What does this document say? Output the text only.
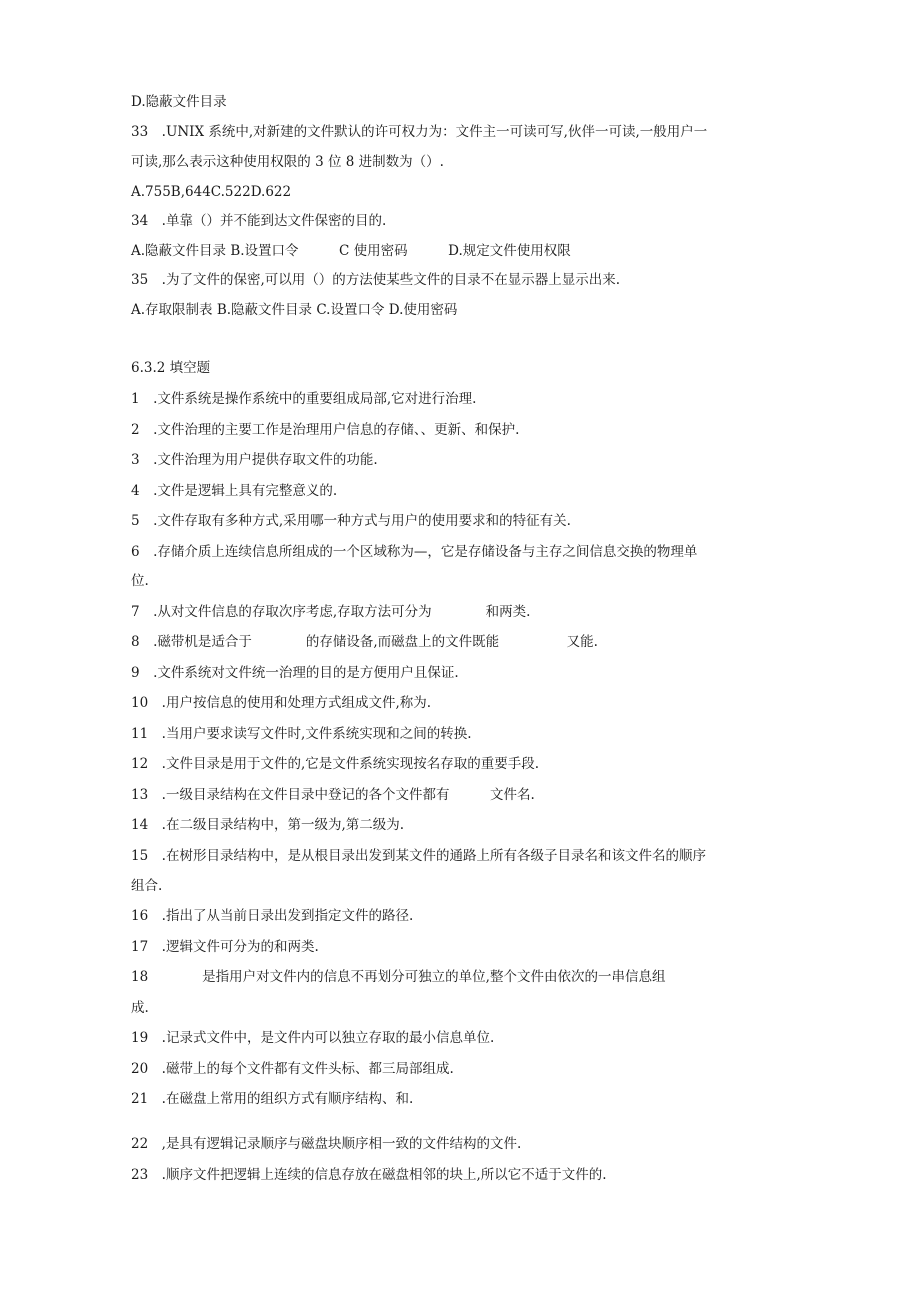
D.隐蔽文件目录
33　.UNIX 系统中,对新建的文件默认的许可权力为：文件主一可读可写,伙伴一可读,一般用户一
可读,那么表示这种使用权限的 3 位 8 进制数为（）.
A.755B,644C.522D.622
34　.单靠（）并不能到达文件保密的目的.
A.隐蔽文件目录 B.设置口令　　　C 使用密码　　　D.规定文件使用权限
35　.为了文件的保密,可以用（）的方法使某些文件的目录不在显示器上显示出来.
A.存取限制表 B.隐蔽文件目录 C.设置口令 D.使用密码
6.3.2 填空题
1　.文件系统是操作系统中的重要组成局部,它对进行治理.
2　.文件治理的主要工作是治理用户信息的存储、、更新、和保护.
3　.文件治理为用户提供存取文件的功能.
4　.文件是逻辑上具有完整意义的.
5　.文件存取有多种方式,采用哪一种方式与用户的使用要求和的特征有关.
6　.存储介质上连续信息所组成的一个区域称为—，它是存储设备与主存之间信息交换的物理单
位.
7　.从对文件信息的存取次序考虑,存取方法可分为　　　　和两类.
8　.磁带机是适合于　　　　的存储设备,而磁盘上的文件既能　　　　　又能.
9　.文件系统对文件统一治理的目的是方便用户且保证.
10　.用户按信息的使用和处理方式组成文件,称为.
11　.当用户要求读写文件时,文件系统实现和之间的转换.
12　.文件目录是用于文件的,它是文件系统实现按名存取的重要手段.
13　.一级目录结构在文件目录中登记的各个文件都有　　　文件名.
14　.在二级目录结构中，第一级为,第二级为.
15　.在树形目录结构中，是从根目录出发到某文件的通路上所有各级子目录名和该文件名的顺序
组合.
16　.指出了从当前日录出发到指定文件的路径.
17　.逻辑文件可分为的和两类.
18　　　　是指用户对文件内的信息不再划分可独立的单位,整个文件由依次的一串信息组
成.
19　.记录式文件中，是文件内可以独立存取的最小信息单位.
20　.磁带上的每个文件都有文件头标、都三局部组成.
21　.在磁盘上常用的组织方式有顺序结构、和.
22　,是具有逻辑记录顺序与磁盘块顺序相一致的文件结构的文件.
23　.顺序文件把逻辑上连续的信息存放在磁盘相邻的块上,所以它不适于文件的.
